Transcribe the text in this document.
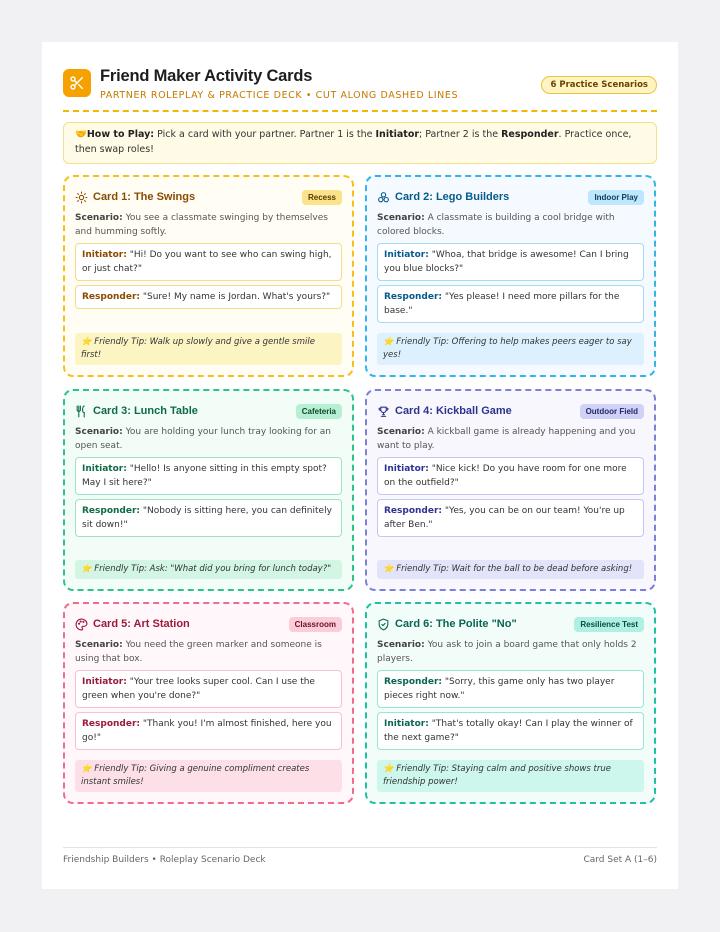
Friend Maker Activity Cards
PARTNER ROLEPLAY & PRACTICE DECK • CUT ALONG DASHED LINES
6 Practice Scenarios
🤝How to Play: Pick a card with your partner. Partner 1 is the Initiator; Partner 2 is the Responder. Practice once, then swap roles!
Card 1: The Swings	Recess
Scenario: You see a classmate swinging by themselves and humming softly.
Initiator: "Hi! Do you want to see who can swing high, or just chat?"
Responder: "Sure! My name is Jordan. What's yours?"
⭐ Friendly Tip: Walk up slowly and give a gentle smile first!
Card 2: Lego Builders	Indoor Play
Scenario: A classmate is building a cool bridge with colored blocks.
Initiator: "Whoa, that bridge is awesome! Can I bring you blue blocks?"
Responder: "Yes please! I need more pillars for the base."
⭐ Friendly Tip: Offering to help makes peers eager to say yes!
Card 3: Lunch Table	Cafeteria
Scenario: You are holding your lunch tray looking for an open seat.
Initiator: "Hello! Is anyone sitting in this empty spot? May I sit here?"
Responder: "Nobody is sitting here, you can definitely sit down!"
⭐ Friendly Tip: Ask: "What did you bring for lunch today?"
Card 4: Kickball Game	Outdoor Field
Scenario: A kickball game is already happening and you want to play.
Initiator: "Nice kick! Do you have room for one more on the outfield?"
Responder: "Yes, you can be on our team! You're up after Ben."
⭐ Friendly Tip: Wait for the ball to be dead before asking!
Card 5: Art Station	Classroom
Scenario: You need the green marker and someone is using that box.
Initiator: "Your tree looks super cool. Can I use the green when you're done?"
Responder: "Thank you! I'm almost finished, here you go!"
⭐ Friendly Tip: Giving a genuine compliment creates instant smiles!
Card 6: The Polite "No"	Resilience Test
Scenario: You ask to join a board game that only holds 2 players.
Responder: "Sorry, this game only has two player pieces right now."
Initiator: "That's totally okay! Can I play the winner of the next game?"
⭐ Friendly Tip: Staying calm and positive shows true friendship power!
Friendship Builders • Roleplay Scenario Deck	Card Set A (1–6)
